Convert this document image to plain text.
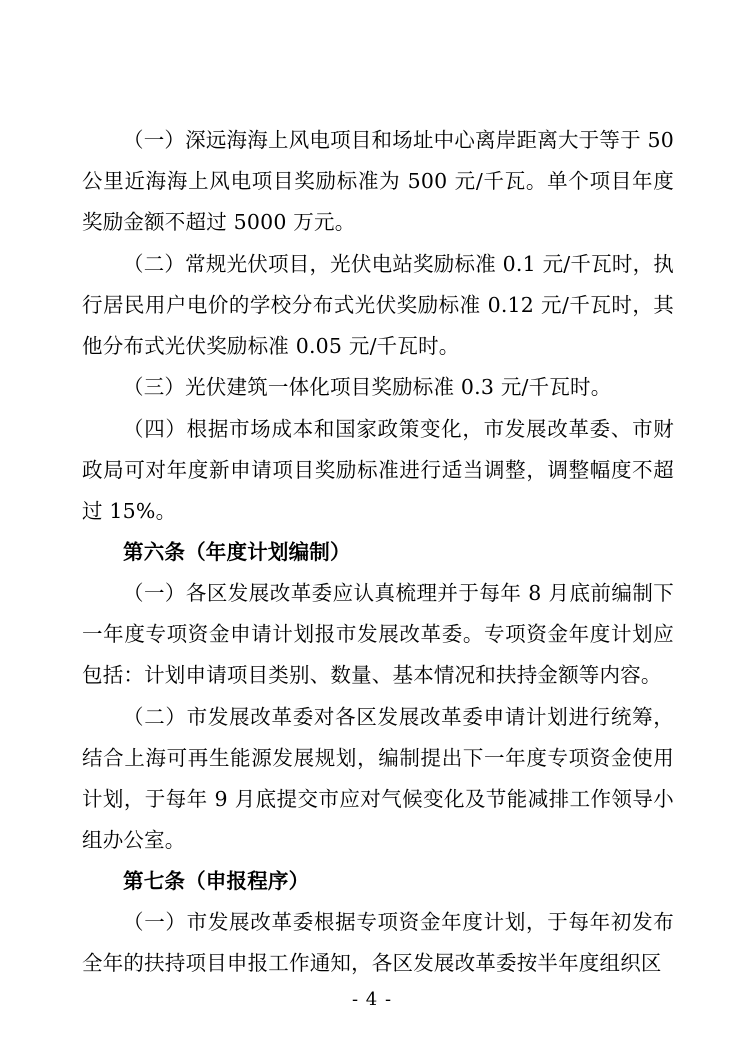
（一）深远海海上风电项目和场址中心离岸距离大于等于 50 公里近海海上风电项目奖励标准为 500 元/千瓦。单个项目年度奖励金额不超过 5000 万元。

（二）常规光伏项目，光伏电站奖励标准 0.1 元/千瓦时，执行居民用户电价的学校分布式光伏奖励标准 0.12 元/千瓦时，其他分布式光伏奖励标准 0.05 元/千瓦时。

（三）光伏建筑一体化项目奖励标准 0.3 元/千瓦时。

（四）根据市场成本和国家政策变化，市发展改革委、市财政局可对年度新申请项目奖励标准进行适当调整，调整幅度不超过 15%。

第六条（年度计划编制）

（一）各区发展改革委应认真梳理并于每年 8 月底前编制下一年度专项资金申请计划报市发展改革委。专项资金年度计划应包括：计划申请项目类别、数量、基本情况和扶持金额等内容。

（二）市发展改革委对各区发展改革委申请计划进行统筹，结合上海可再生能源发展规划，编制提出下一年度专项资金使用计划，于每年 9 月底提交市应对气候变化及节能减排工作领导小组办公室。

第七条（申报程序）

（一）市发展改革委根据专项资金年度计划，于每年初发布全年的扶持项目申报工作通知，各区发展改革委按半年度组织区

- 4 -
